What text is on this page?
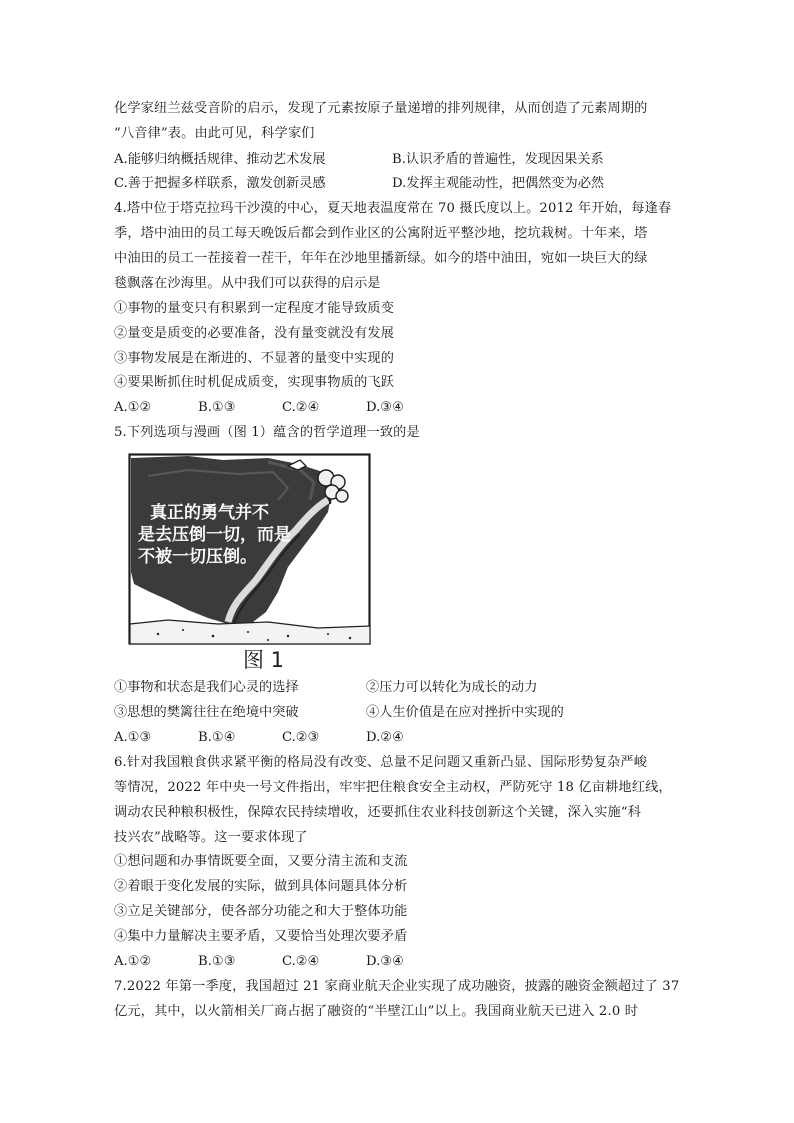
化学家纽兰兹受音阶的启示，发现了元素按原子量递增的排列规律，从而创造了元素周期的
“八音律”表。由此可见，科学家们
A.能够归纳概括规律、推动艺术发展	B.认识矛盾的普遍性，发现因果关系
C.善于把握多样联系，激发创新灵感	D.发挥主观能动性，把偶然变为必然
4.塔中位于塔克拉玛干沙漠的中心，夏天地表温度常在 70 摄氏度以上。2012 年开始，每逢春
季，塔中油田的员工每天晚饭后都会到作业区的公寓附近平整沙地，挖坑栽树。十年来，塔
中油田的员工一茬接着一茬干，年年在沙地里播新绿。如今的塔中油田，宛如一块巨大的绿
毯飘落在沙海里。从中我们可以获得的启示是
①事物的量变只有积累到一定程度才能导致质变
②量变是质变的必要准备，没有量变就没有发展
③事物发展是在渐进的、不显著的量变中实现的
④要果断抓住时机促成质变，实现事物质的飞跃
A.①②	B.①③	C.②④	D.③④
5.下列选项与漫画（图 1）蕴含的哲学道理一致的是
真正的勇气并不
是去压倒一切，而是
不被一切压倒。
图 1
①事物和状态是我们心灵的选择	②压力可以转化为成长的动力
③思想的樊篱往往在绝境中突破	④人生价值是在应对挫折中实现的
A.①③	B.①④	C.②③	D.②④
6.针对我国粮食供求紧平衡的格局没有改变、总量不足问题又重新凸显、国际形势复杂严峻
等情况，2022 年中央一号文件指出，牢牢把住粮食安全主动权，严防死守 18 亿亩耕地红线，
调动农民种粮积极性，保障农民持续增收，还要抓住农业科技创新这个关键，深入实施“科
技兴农”战略等。这一要求体现了
①想问题和办事情既要全面，又要分清主流和支流
②着眼于变化发展的实际，做到具体问题具体分析
③立足关键部分，使各部分功能之和大于整体功能
④集中力量解决主要矛盾，又要恰当处理次要矛盾
A.①②	B.①③	C.②④	D.③④
7.2022 年第一季度，我国超过 21 家商业航天企业实现了成功融资，披露的融资金额超过了 37
亿元，其中，以火箭相关厂商占据了融资的“半壁江山”以上。我国商业航天已进入 2.0 时
